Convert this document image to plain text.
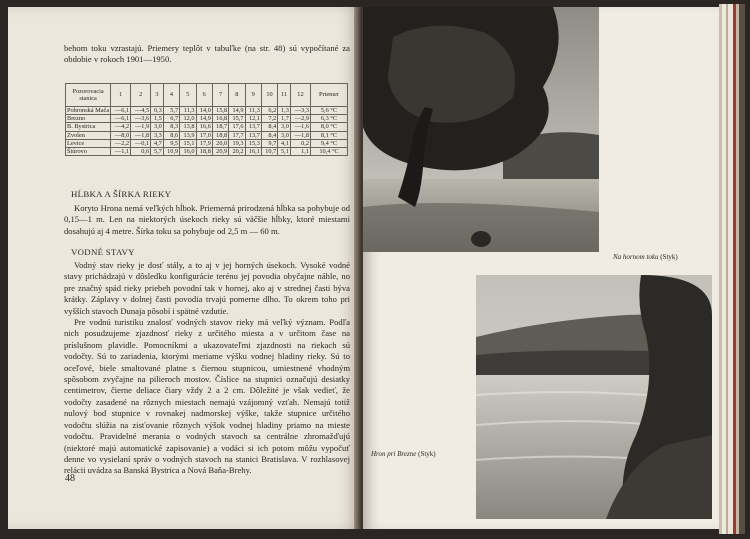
behom toku vzrastajú. Priemery teplôt v tabuľke (na str. 48) sú vypočítané za obdobie v rokoch 1901—1950.

Pozorovacia stanica	1	2	3	4	5	6	7	8	9	10	11	12	Priemer
Pohronská Mača	—6,1	—4,5	0,3	5,7	11,3	14,0	15,8	14,9	11,3	6,2	1,3	—3,3	5,6 °C
Brezno	—6,1	—3,6	1,5	6,7	12,0	14,9	16,8	15,7	12,1	7,2	1,7	—2,9	6,3 °C
B. Bystrica	—4,2	—1,9	3,0	8,3	13,8	16,6	18,7	17,6	13,7	8,4	3,0	—1,6	8,0 °C
Zvolen	—8,0	—1,8	3,3	8,6	13,9	17,0	18,8	17,7	13,7	8,4	3,0	—1,8	8,1 °C
Levice	—2,2	—0,1	4,7	9,5	15,1	17,9	20,0	19,3	15,3	9,7	4,1	0,2	9,4 °C
Štúrovo	—1,1	0,6	5,7	10,9	16,0	18,8	20,9	20,2	16,1	10,7	5,1	1,1	10,4 °C
HĹBKA A ŠÍRKA RIEKY

Koryto Hrona nemá veľkých hĺbok. Priemerná prirodzená hĺbka sa pohybuje od 0,15—1 m. Len na niektorých úsekoch rieky sú väčšie hĺbky, ktoré miestami dosahujú aj 4 metre. Šírka toku sa pohybuje od 2,5 m — 60 m.

VODNÉ STAVY

Vodný stav rieky je dosť stály, a to aj v jej horných úsekoch. Vysoké vodné stavy prichádzajú v dôsledku konfigurácie terénu jej povodia obyčajne náhle, no pre značný spád rieky priebeh povodní tak v hornej, ako aj v strednej časti býva krátky. Záplavy v dolnej časti povodia trvajú pomerne dlho. To okrem toho pri vyšších stavoch Dunaja pôsobí i spätné vzdutie.

Pre vodnú turistiku znalosť vodných stavov rieky má veľký význam. Podľa nich posudzujeme zjazdnosť rieky z určitého miesta a v určitom čase na príslušnom plavidle. Pomocníkmi a ukazovateľmi zjazdnosti na riekach sú vodočty. Sú to zariadenia, ktorými meriame výšku vodnej hladiny rieky. Sú to oceľové, biele smaltované platne s čiernou stupnicou, umiestnené vhodným spôsobom zvyčajne na pilieroch mostov. Číslice na stupnici označujú desiatky centimetrov, čierne deliace čiary vždy 2 a 2 cm. Dôležité je však vedieť, že vodočty zasadené na rôznych miestach nemajú vzájomný vzťah. Nemajú totiž nulový bod stupnice v rovnakej nadmorskej výške, takže stupnice určitého vodočtu slúžia na zisťovanie rôznych výšok vodnej hladiny priamo na mieste vodočtu. Pravidelné merania o vodných stavoch sa centrálne zhromažďujú (niektoré majú automatické zapisovanie) a vodáci si ich potom môžu vypočuť denne vo vysielaní správ o vodných stavoch na stanici Bratislava. V rozhlasovej relácii uvádza sa Banská Bystrica a Nová Baňa-Brehy.

48
Na hornom toku (Styk)
Hron pri Brezne (Styk)
